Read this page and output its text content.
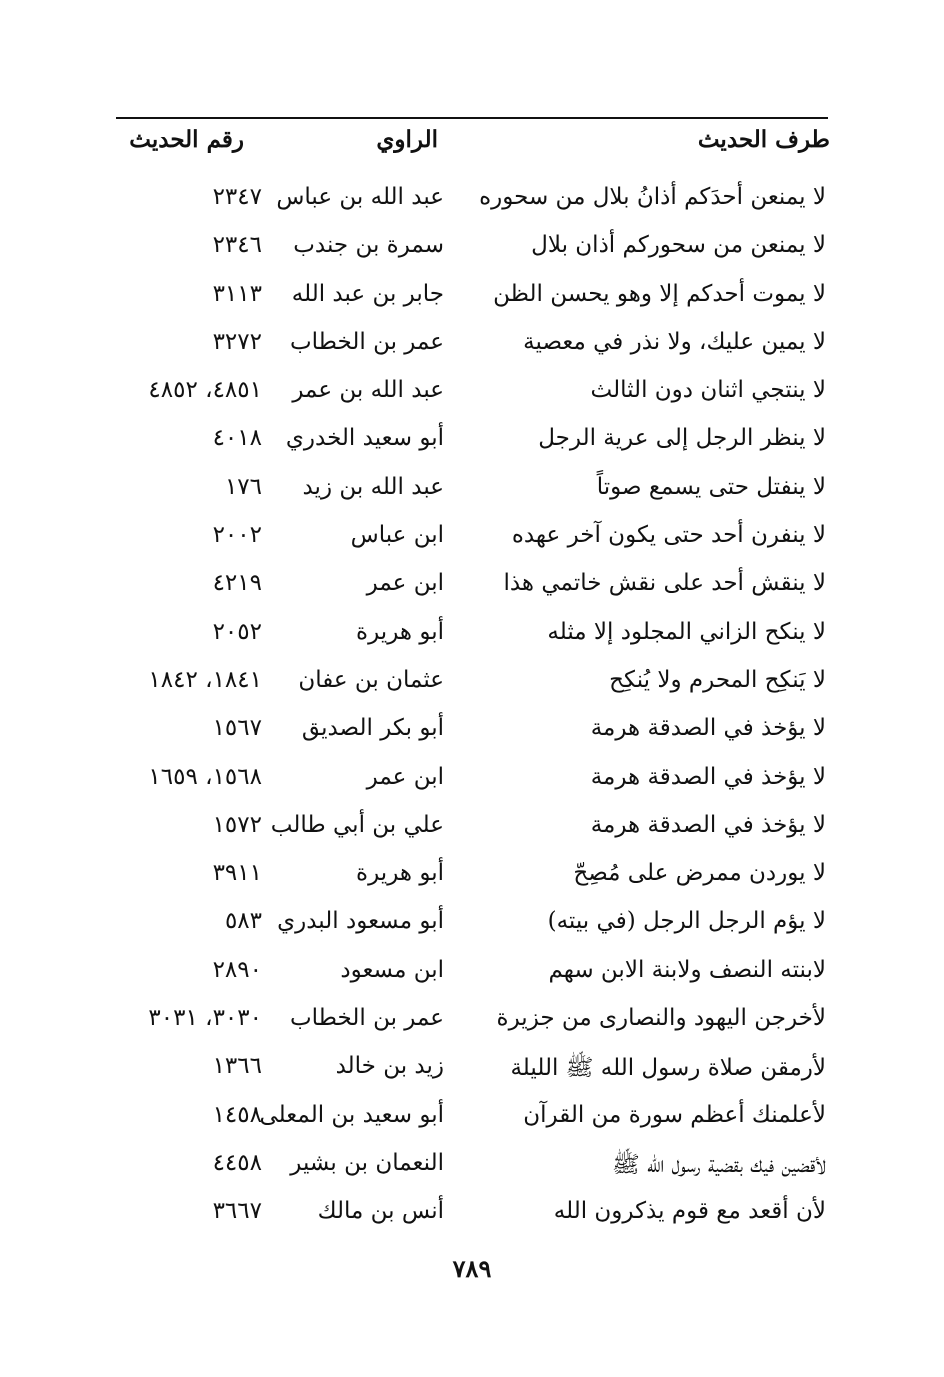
طرف الحديث
الراوي
رقم الحديث
لا يمنعن أحدَكم أذانُ بلال من سحوره
عبد الله بن عباس
٢٣٤٧
لا يمنعن من سحوركم أذان بلال
سمرة بن جندب
٢٣٤٦
لا يموت أحدكم إلا وهو يحسن الظن
جابر بن عبد الله
٣١١٣
لا يمين عليك، ولا نذر في معصية
عمر بن الخطاب
٣٢٧٢
لا ينتجي اثنان دون الثالث
عبد الله بن عمر
٤٨٥١، ٤٨٥٢
لا ينظر الرجل إلى عرية الرجل
أبو سعيد الخدري
٤٠١٨
لا ينفتل حتى يسمع صوتاً
عبد الله بن زيد
١٧٦
لا ينفرن أحد حتى يكون آخر عهده
ابن عباس
٢٠٠٢
لا ينقش أحد على نقش خاتمي هذا
ابن عمر
٤٢١٩
لا ينكح الزاني المجلود إلا مثله
أبو هريرة
٢٠٥٢
لا يَنكِح المحرم ولا يُنكِح
عثمان بن عفان
١٨٤١، ١٨٤٢
لا يؤخذ في الصدقة هرمة
أبو بكر الصديق
١٥٦٧
لا يؤخذ في الصدقة هرمة
ابن عمر
١٥٦٨، ١٦٥٩
لا يؤخذ في الصدقة هرمة
علي بن أبي طالب
١٥٧٢
لا يوردن ممرض على مُصِحّ
أبو هريرة
٣٩١١
لا يؤم الرجل الرجل (في بيته)
أبو مسعود البدري
٥٨٣
لابنته النصف ولابنة الابن سهم
ابن مسعود
٢٨٩٠
لأخرجن اليهود والنصارى من جزيرة
عمر بن الخطاب
٣٠٣٠، ٣٠٣١
لأرمقن صلاة رسول الله ﷺ الليلة
زيد بن خالد
١٣٦٦
لأعلمنك أعظم سورة من القرآن
أبو سعيد بن المعلى
١٤٥٨
لأقضين فيك بقضية رسول الله ﷺ
النعمان بن بشير
٤٤٥٨
لأن أقعد مع قوم يذكرون الله
أنس بن مالك
٣٦٦٧
٧٨٩
